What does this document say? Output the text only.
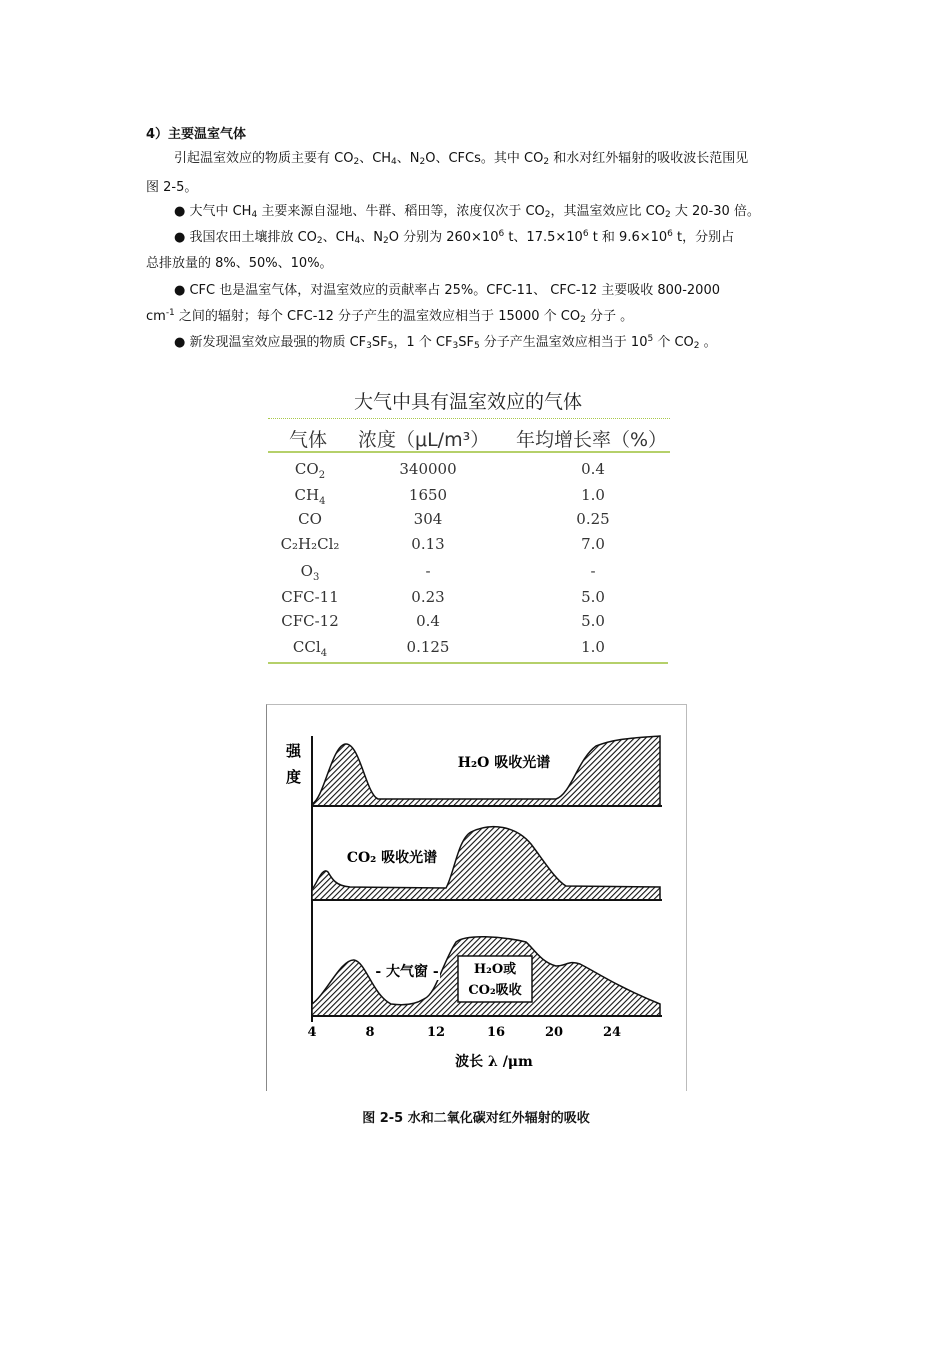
4）主要温室气体
引起温室效应的物质主要有 $CO_2$、$CH_4$、$N_2O$、CFCs。其中 $CO_2$ 和水对红外辐射的吸收波长范围见
图 2-5。
● 大气中 $CH_4$ 主要来源自湿地、牛群、稻田等，浓度仅次于 $CO_2$，其温室效应比 $CO_2$ 大 20-30 倍。
● 我国农田土壤排放 $CO_2$、$CH_4$、$N_2O$ 分别为 $260\times 10^6$ t、$17.5\times 10^6$ t 和 $9.6\times 10^6$ t，分别占
总排放量的 8%、50%、10%。
● CFC 也是温室气体，对温室效应的贡献率占 25%。CFC-11、 CFC-12 主要吸收 800-2000
$cm^{-1}$ 之间的辐射；每个 CFC-12 分子产生的温室效应相当于 15000 个 $CO_2$ 分子 。
● 新发现温室效应最强的物质 $CF_3SF_5$，1 个 $CF_3SF_5$ 分子产生温室效应相当于 $10^5$ 个 $CO_2$ 。
大气中具有温室效应的气体
气体 浓度（μL/m³） 年均增长率（%）
$CO_2$	340000	0.4
$CH_4$	1650	1.0
CO	304	0.25
C₂H₂Cl₂	0.13	7.0
$O_3$	-	-
CFC-11	0.23	5.0
CFC-12	0.4	5.0
CCl$_4$	0.125	1.0
H₂O或
CO₂吸收
- 大气窗 -
H₂O 吸收光谱
CO₂ 吸收光谱
强
度
4	8	12	16	20	24
波长 λ /μm
图 2-5 水和二氧化碳对红外辐射的吸收
